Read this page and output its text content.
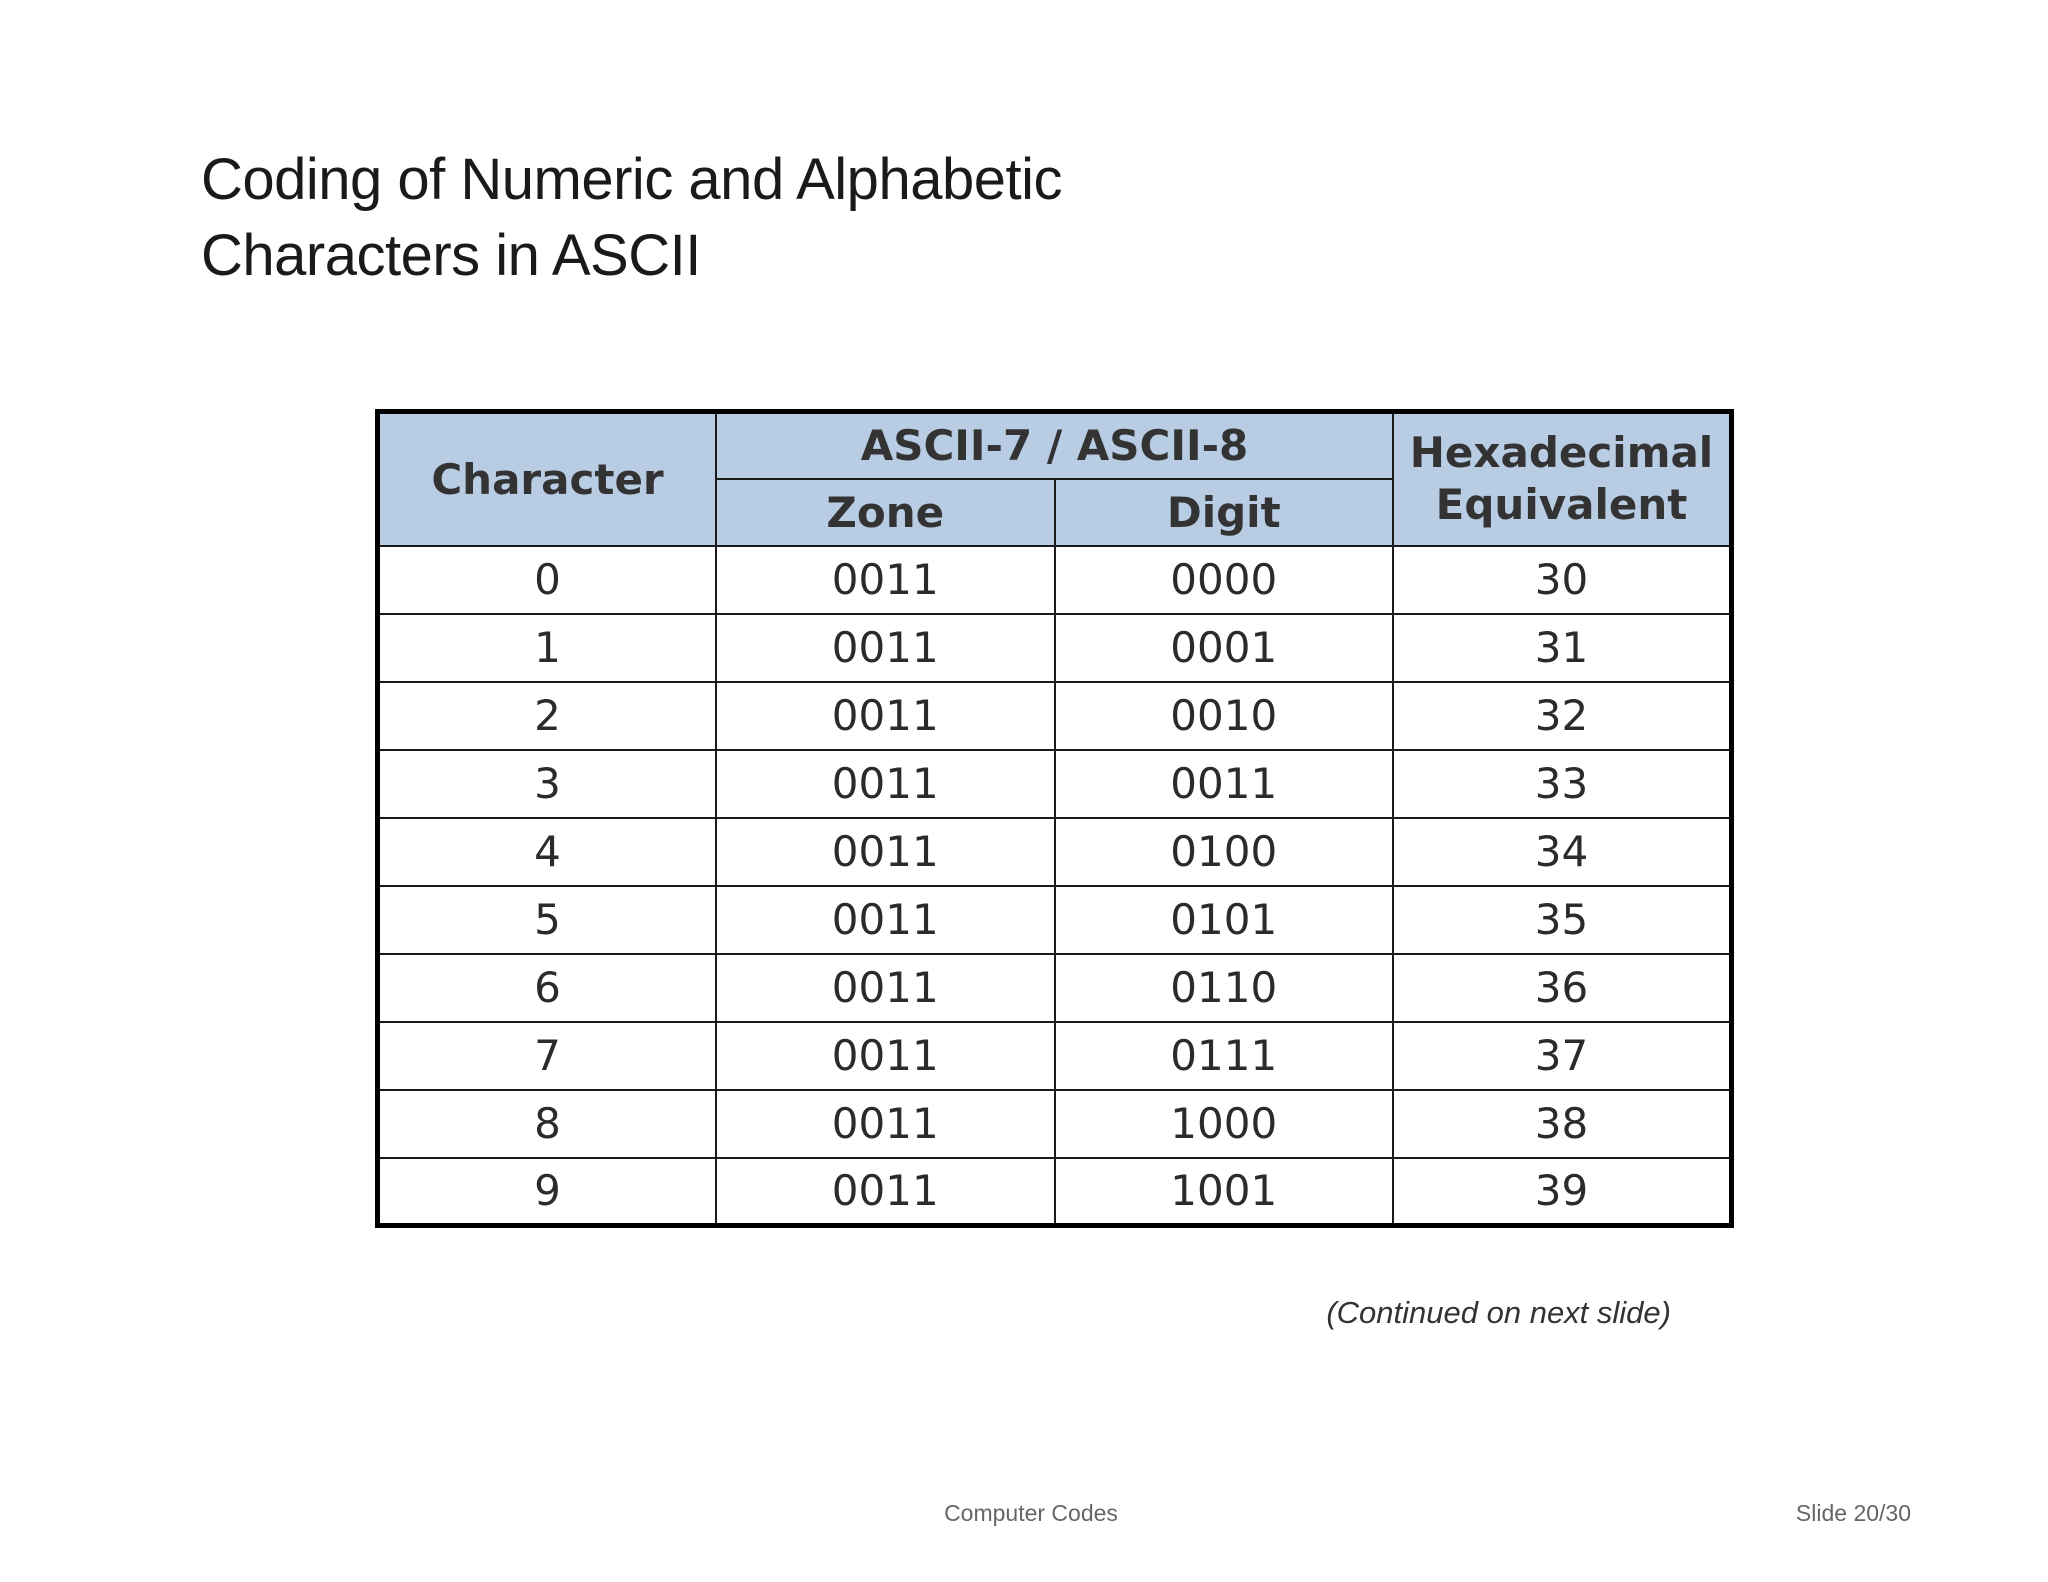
Coding of Numeric and Alphabetic
Characters in ASCII
Character	ASCII-7 / ASCII-8		Hexadecimal
Equivalent
	Zone	Digit	
0	0011	0000	30
1	0011	0001	31
2	0011	0010	32
3	0011	0011	33
4	0011	0100	34
5	0011	0101	35
6	0011	0110	36
7	0011	0111	37
8	0011	1000	38
9	0011	1001	39
(Continued on next slide)
Computer Codes	Slide 20/30
